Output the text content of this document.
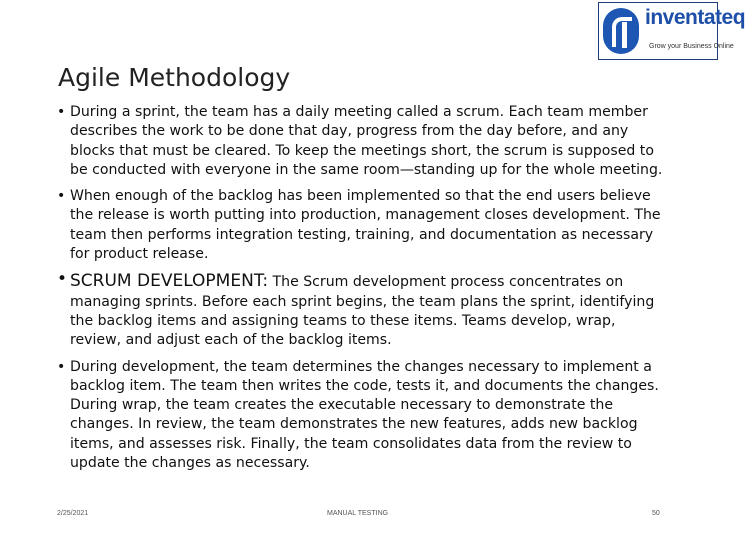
inventateq
Grow your Business Online
Agile Methodology

• During a sprint, the team has a daily meeting called a scrum. Each team member describes the work to be done that day, progress from the day before, and any blocks that must be cleared. To keep the meetings short, the scrum is supposed to be conducted with everyone in the same room—standing up for the whole meeting.

• When enough of the backlog has been implemented so that the end users believe the release is worth putting into production, management closes development. The team then performs integration testing, training, and documentation as necessary for product release.

• SCRUM DEVELOPMENT: The Scrum development process concentrates on managing sprints. Before each sprint begins, the team plans the sprint, identifying the backlog items and assigning teams to these items. Teams develop, wrap, review, and adjust each of the backlog items.

• During development, the team determines the changes necessary to implement a backlog item. The team then writes the code, tests it, and documents the changes. During wrap, the team creates the executable necessary to demonstrate the changes. In review, the team demonstrates the new features, adds new backlog items, and assesses risk. Finally, the team consolidates data from the review to update the changes as necessary.

2/25/2021	MANUAL TESTING	50
